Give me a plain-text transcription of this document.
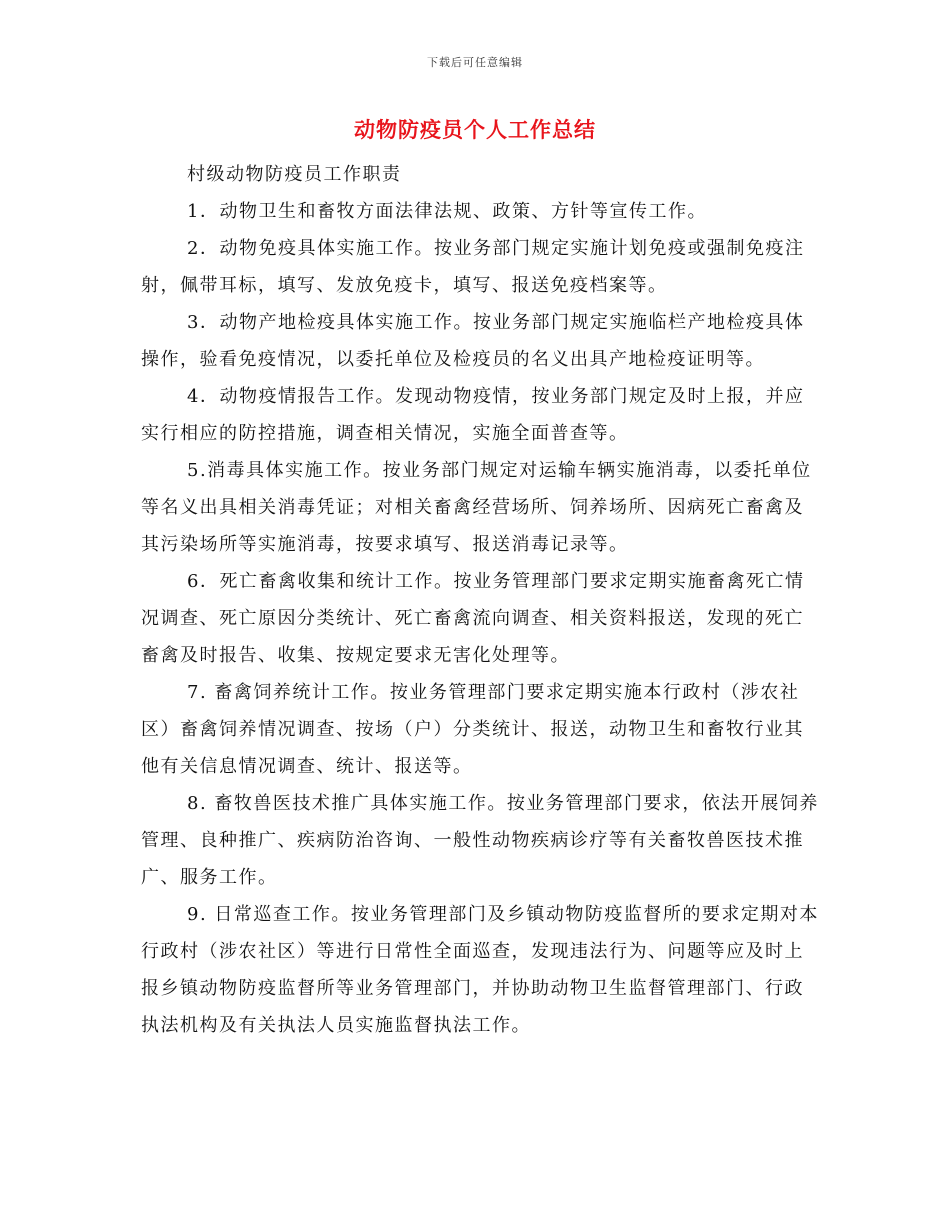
下载后可任意编辑
动物防疫员个人工作总结

村级动物防疫员工作职责

1．动物卫生和畜牧方面法律法规、政策、方针等宣传工作。

2．动物免疫具体实施工作。按业务部门规定实施计划免疫或强制免疫注射，佩带耳标，填写、发放免疫卡，填写、报送免疫档案等。

3．动物产地检疫具体实施工作。按业务部门规定实施临栏产地检疫具体操作，验看免疫情况，以委托单位及检疫员的名义出具产地检疫证明等。

4．动物疫情报告工作。发现动物疫情，按业务部门规定及时上报，并应实行相应的防控措施，调查相关情况，实施全面普查等。

5.消毒具体实施工作。按业务部门规定对运输车辆实施消毒，以委托单位等名义出具相关消毒凭证；对相关畜禽经营场所、饲养场所、因病死亡畜禽及其污染场所等实施消毒，按要求填写、报送消毒记录等。

6．死亡畜禽收集和统计工作。按业务管理部门要求定期实施畜禽死亡情况调查、死亡原因分类统计、死亡畜禽流向调查、相关资料报送，发现的死亡畜禽及时报告、收集、按规定要求无害化处理等。

7. 畜禽饲养统计工作。按业务管理部门要求定期实施本行政村（涉农社区）畜禽饲养情况调查、按场（户）分类统计、报送，动物卫生和畜牧行业其他有关信息情况调查、统计、报送等。

8. 畜牧兽医技术推广具体实施工作。按业务管理部门要求，依法开展饲养管理、良种推广、疾病防治咨询、一般性动物疾病诊疗等有关畜牧兽医技术推广、服务工作。

9. 日常巡查工作。按业务管理部门及乡镇动物防疫监督所的要求定期对本行政村（涉农社区）等进行日常性全面巡查，发现违法行为、问题等应及时上报乡镇动物防疫监督所等业务管理部门，并协助动物卫生监督管理部门、行政执法机构及有关执法人员实施监督执法工作。
